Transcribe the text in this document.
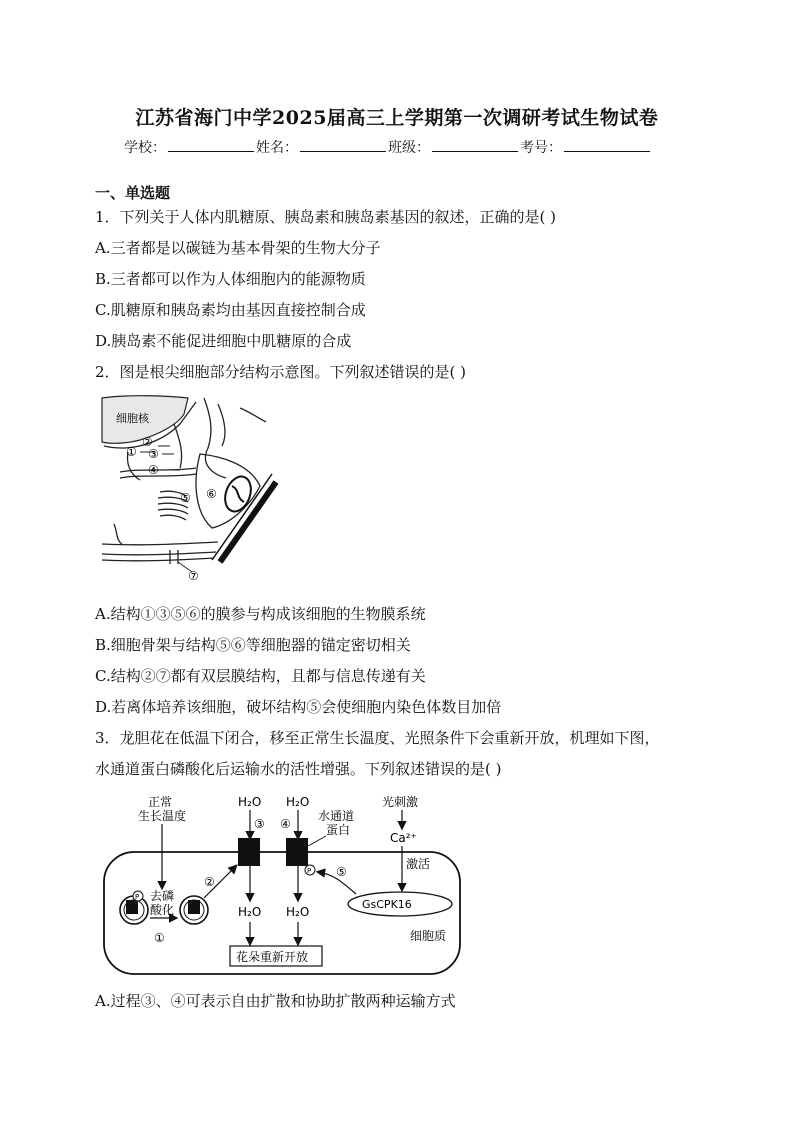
江苏省海门中学2025届高三上学期第一次调研考试生物试卷
学校：	姓名：	班级：	考号：
一、单选题
1．下列关于人体内肌糖原、胰岛素和胰岛素基因的叙述，正确的是( )
A.三者都是以碳链为基本骨架的生物大分子
B.三者都可以作为人体细胞内的能源物质
C.肌糖原和胰岛素均由基因直接控制合成
D.胰岛素不能促进细胞中肌糖原的合成
2．图是根尖细胞部分结构示意图。下列叙述错误的是( )
细胞核
②
① ③
④
⑤ ⑥
⑦
A.结构①③⑤⑥的膜参与构成该细胞的生物膜系统
B.细胞骨架与结构⑤⑥等细胞器的锚定密切相关
C.结构②⑦都有双层膜结构，且都与信息传递有关
D.若离体培养该细胞，破坏结构⑤会使细胞内染色体数目加倍
3．龙胆花在低温下闭合，移至正常生长温度、光照条件下会重新开放，机理如下图，
水通道蛋白磷酸化后运输水的活性增强。下列叙述错误的是( )
正常
生长温度
H₂O
③
H₂O
④
水通道
蛋白
P
H₂O H₂O
花朵重新开放
P 去磷
酸化
①
②
光刺激
Ca²⁺
激活
GsCPK16
⑤
细胞质
A.过程③、④可表示自由扩散和协助扩散两种运输方式
